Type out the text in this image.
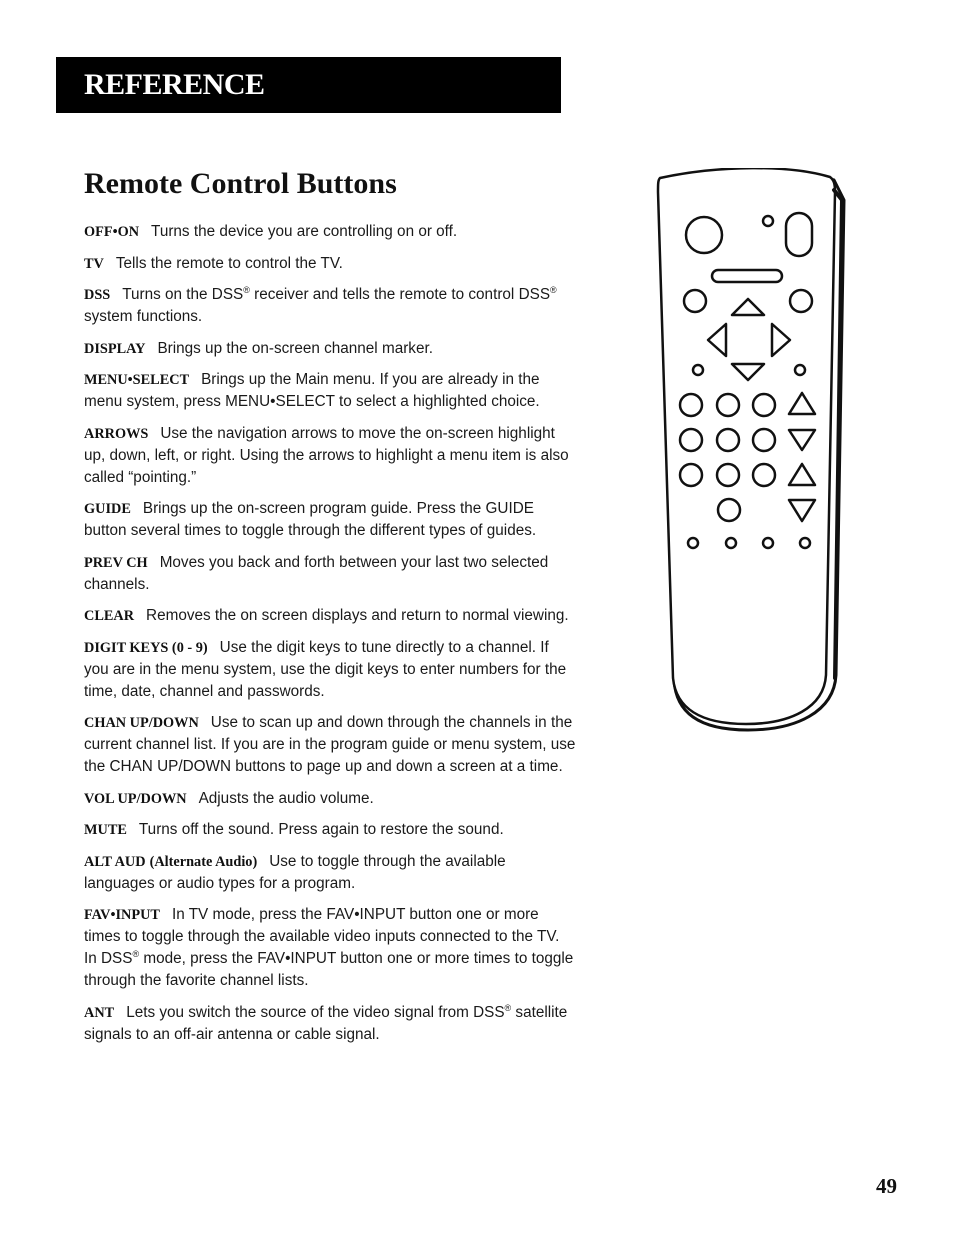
REFERENCE
Remote Control Buttons

OFF•ON Turns the device you are controlling on or off.

TV Tells the remote to control the TV.

DSS Turns on the DSS® receiver and tells the remote to control DSS® system functions.

DISPLAY Brings up the on-screen channel marker.

MENU•SELECT Brings up the Main menu. If you are already in the menu system, press MENU•SELECT to select a highlighted choice.

ARROWS Use the navigation arrows to move the on-screen highlight up, down, left, or right. Using the arrows to highlight a menu item is also called “pointing.”

GUIDE Brings up the on-screen program guide. Press the GUIDE button several times to toggle through the different types of guides.

PREV CH Moves you back and forth between your last two selected channels.

CLEAR Removes the on screen displays and return to normal viewing.

DIGIT KEYS (0 - 9) Use the digit keys to tune directly to a channel. If you are in the menu system, use the digit keys to enter numbers for the time, date, channel and passwords.

CHAN UP/DOWN Use to scan up and down through the channels in the current channel list. If you are in the program guide or menu system, use the CHAN UP/DOWN buttons to page up and down a screen at a time.

VOL UP/DOWN Adjusts the audio volume.

MUTE Turns off the sound. Press again to restore the sound.

ALT AUD (Alternate Audio) Use to toggle through the available languages or audio types for a program.

FAV•INPUT In TV mode, press the FAV•INPUT button one or more times to toggle through the available video inputs connected to the TV. In DSS® mode, press the FAV•INPUT button one or more times to toggle through the favorite channel lists.

ANT Lets you switch the source of the video signal from DSS® satellite signals to an off-air antenna or cable signal.

49
